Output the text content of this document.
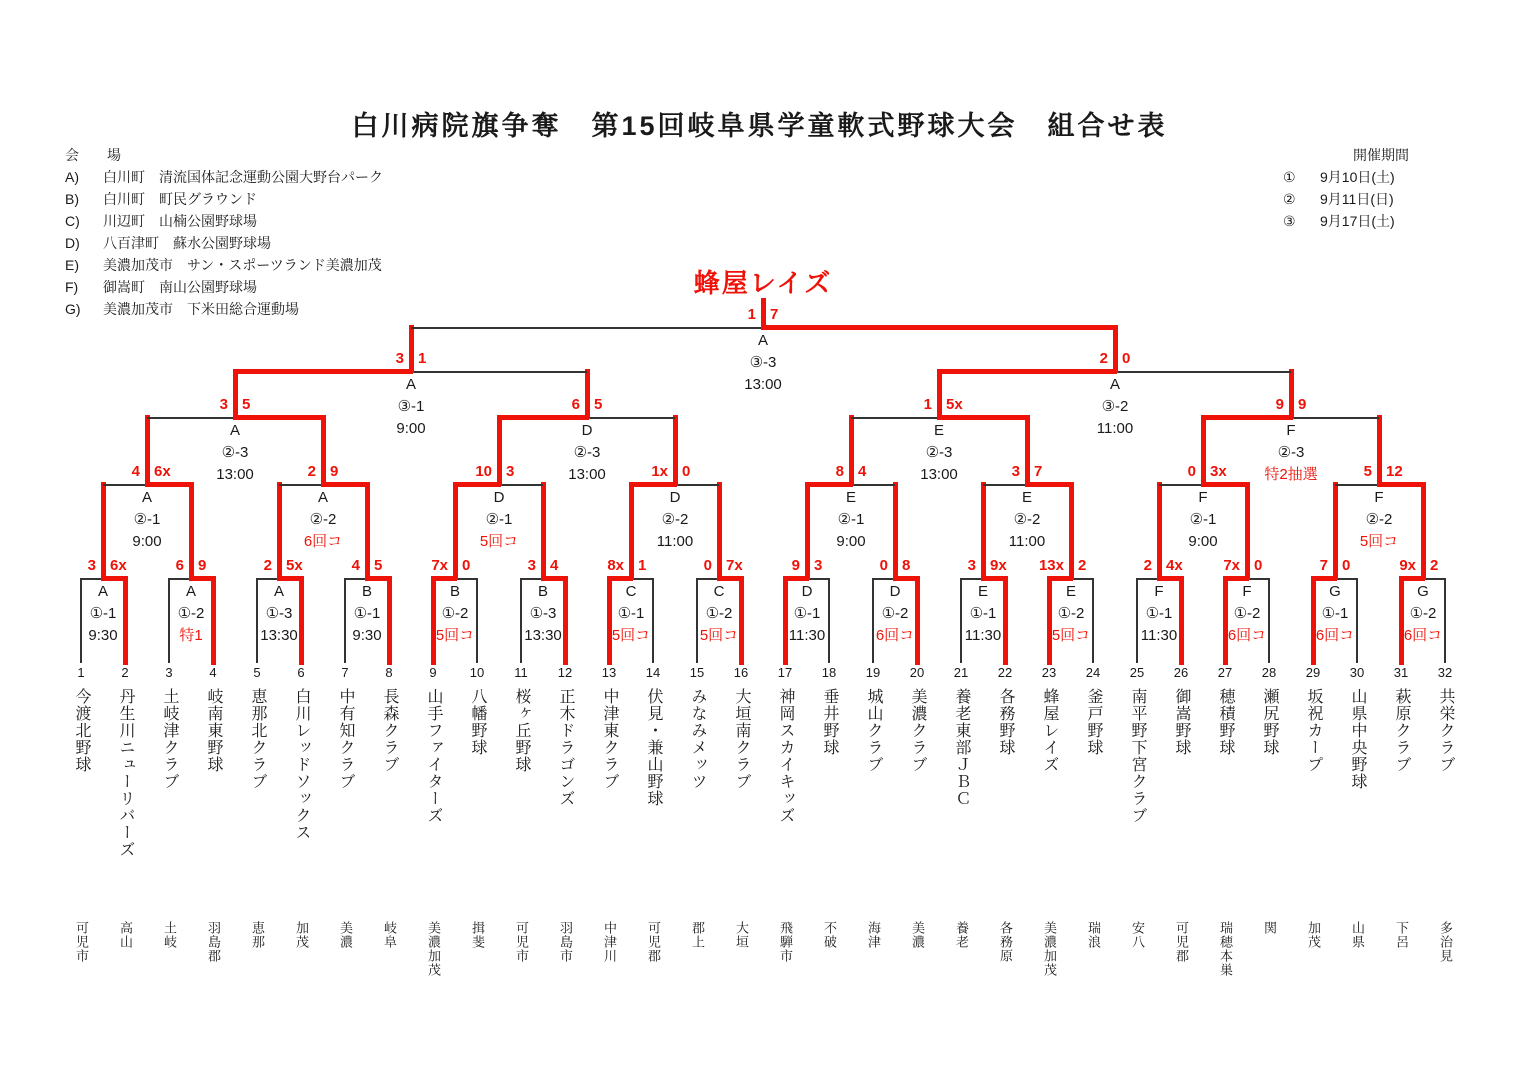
白川病院旗争奪　第15回岐阜県学童軟式野球大会　組合せ表
会　　場
A) 白川町　清流国体記念運動公園大野台パーク
B) 白川町　町民グラウンド
C) 川辺町　山楠公園野球場
D) 八百津町　蘇水公園野球場
E) 美濃加茂市　サン・スポーツランド美濃加茂
F) 御嵩町　南山公園野球場
G) 美濃加茂市　下米田総合運動場
開催期間
① 9月10日(土)
② 9月11日(日)
③ 9月17日(土)
蜂屋レイズ
A
①-1
9:30
3 6x
A
①-2
特1
6 9
A
①-3
13:30
2 5x
B
①-1
9:30
4 5
B
①-2
5回コ
7x 0
B
①-3
13:30
3 4
C
①-1
5回コ
8x 1
C
①-2
5回コ
0 7x
D
①-1
11:30
9 3
D
①-2
6回コ
0 8
E
①-1
11:30
3 9x
E
①-2
5回コ
13x 2
F
①-1
11:30
2 4x
F
①-2
6回コ
7x 0
G
①-1
6回コ
7 0
G
①-2
6回コ
9x 2
A
②-1
9:00
4 6x
A
②-2
6回コ
2 9
D
②-1
5回コ
10 3
D
②-2
11:00
1x 0
E
②-1
9:00
8 4
E
②-2
11:00
3 7
F
②-1
9:00
0 3x
F
②-2
5回コ
5 12
A
②-3
13:00
3 5
D
②-3
13:00
6 5
E
②-3
13:00
1 5x
F
②-3
特2抽選
9 9
A
③-1
9:00
3 1
A
③-2
11:00
2 0
A
③-3
13:00
1 7
1
今渡北野球
可児市
2
丹生川ニューリバーズ
高山
3
土岐津クラブ
土岐
4
岐南東野球
羽島郡
5
恵那北クラブ
恵那
6
白川レッドソックス
加茂
7
中有知クラブ
美濃
8
長森クラブ
岐阜
9
山手ファイターズ
美濃加茂
10
八幡野球
揖斐
11
桜ヶ丘野球
可児市
12
正木ドラゴンズ
羽島市
13
中津東クラブ
中津川
14
伏見・兼山野球
可児郡
15
みなみメッツ
郡上
16
大垣南クラブ
大垣
17
神岡スカイキッズ
飛騨市
18
垂井野球
不破
19
城山クラブ
海津
20
美濃クラブ
美濃
21
養老東部ＪＢＣ
養老
22
各務野球
各務原
23
蜂屋レイズ
美濃加茂
24
釜戸野球
瑞浪
25
南平野下宮クラブ
安八
26
御嵩野球
可児郡
27
穂積野球
瑞穂本巣
28
瀬尻野球
関
29
坂祝カープ
加茂
30
山県中央野球
山県
31
萩原クラブ
下呂
32
共栄クラブ
多治見
